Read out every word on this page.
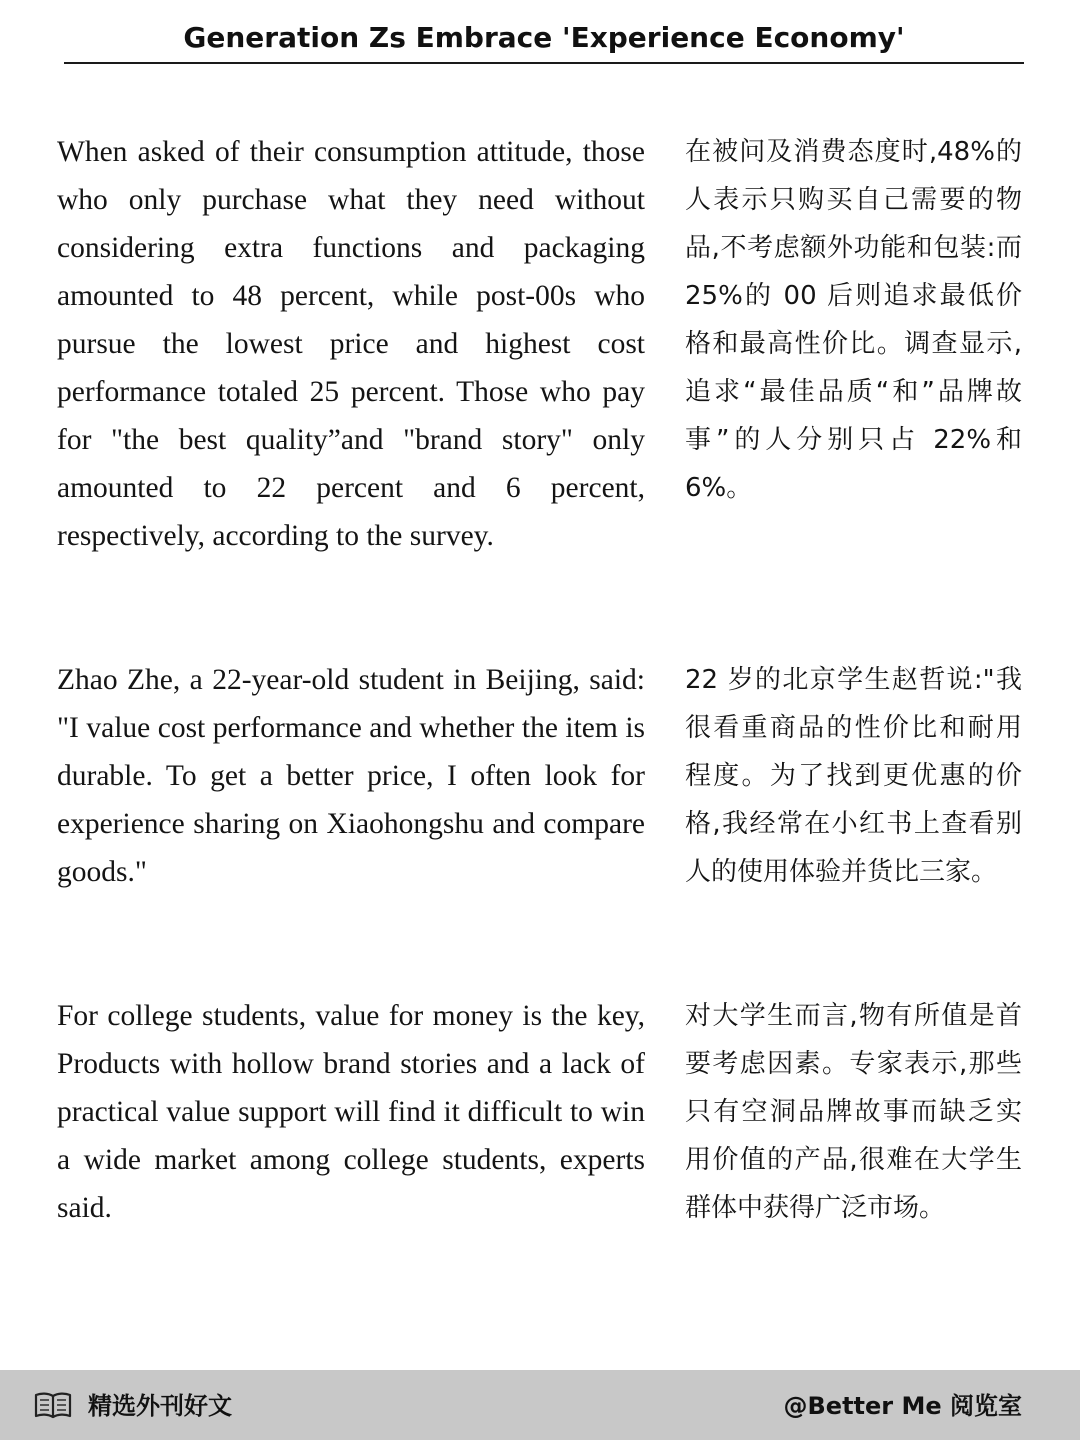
Generation Zs Embrace 'Experience Economy'

When asked of their consumption attitude, those who only purchase what they need without considering extra functions and packaging amounted to 48 percent, while post-00s who pursue the lowest price and highest cost performance totaled 25 percent. Those who pay for "the best quality”and "brand story" only amounted to 22 percent and 6 percent, respectively, according to the survey.

在被问及消费态度时,48%的人表示只购买自己需要的物品,不考虑额外功能和包装:而 25%的 00 后则追求最低价格和最高性价比。调查显示,追求“最佳品质“和”品牌故事”的人分别只占 22%和 6%。

Zhao Zhe, a 22-year-old student in Beijing, said: "I value cost performance and whether the item is durable. To get a better price, I often look for experience sharing on Xiaohongshu and compare goods."

22 岁的北京学生赵哲说:"我很看重商品的性价比和耐用程度。为了找到更优惠的价格,我经常在小红书上查看别人的使用体验并货比三家。

For college students, value for money is the key, Products with hollow brand stories and a lack of practical value support will find it difficult to win a wide market among college students, experts said.

对大学生而言,物有所值是首要考虑因素。专家表示,那些只有空洞品牌故事而缺乏实用价值的产品,很难在大学生群体中获得广泛市场。

精选外刊好文	@Better Me 阅览室
